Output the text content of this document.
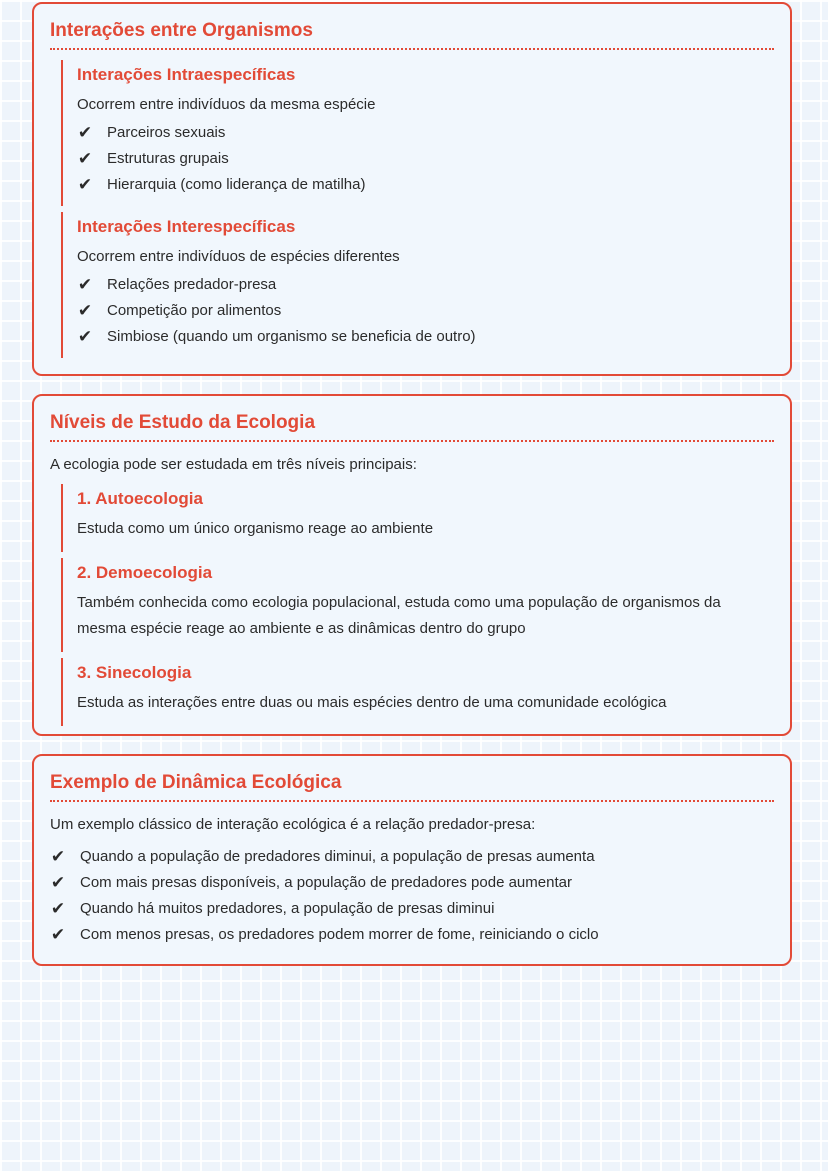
Interações entre Organismos
Interações Intraespecíficas
Ocorrem entre indivíduos da mesma espécie
✔ Parceiros sexuais
✔ Estruturas grupais
✔ Hierarquia (como liderança de matilha)
Interações Interespecíficas
Ocorrem entre indivíduos de espécies diferentes
✔ Relações predador-presa
✔ Competição por alimentos
✔ Simbiose (quando um organismo se beneficia de outro)
Níveis de Estudo da Ecologia

A ecologia pode ser estudada em três níveis principais:

1. Autoecologia
Estuda como um único organismo reage ao ambiente
2. Demoecologia
Também conhecida como ecologia populacional, estuda como uma população de organismos da mesma espécie reage ao ambiente e as dinâmicas dentro do grupo
3. Sinecologia
Estuda as interações entre duas ou mais espécies dentro de uma comunidade ecológica
Exemplo de Dinâmica Ecológica

Um exemplo clássico de interação ecológica é a relação predador-presa:

✔ Quando a população de predadores diminui, a população de presas aumenta
✔ Com mais presas disponíveis, a população de predadores pode aumentar
✔ Quando há muitos predadores, a população de presas diminui
✔ Com menos presas, os predadores podem morrer de fome, reiniciando o ciclo
